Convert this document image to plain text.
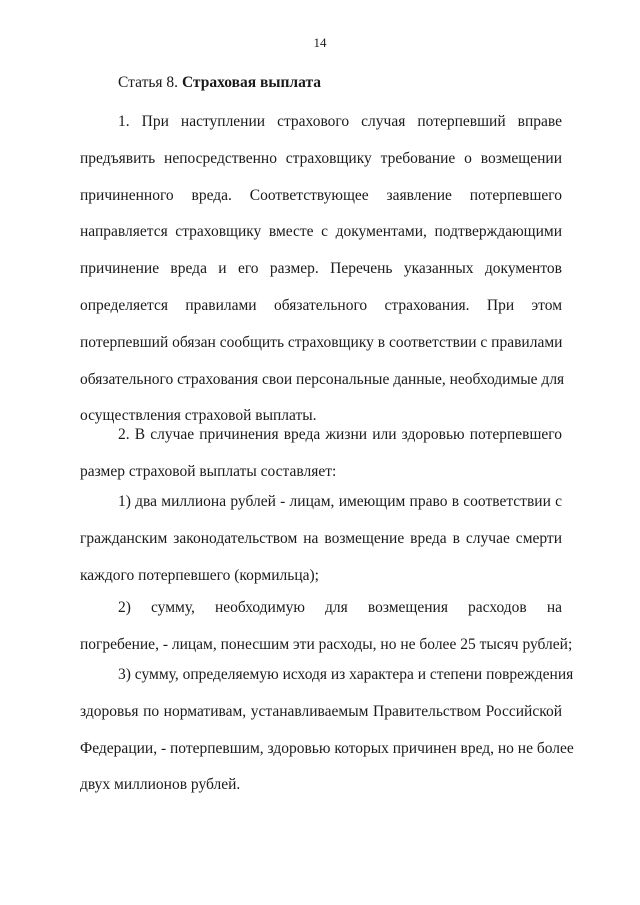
14
Статья 8. Страховая выплата
1. При наступлении страхового случая потерпевший вправе
предъявить непосредственно страховщику требование о возмещении
причиненного вреда. Соответствующее заявление потерпевшего
направляется страховщику вместе с документами, подтверждающими
причинение вреда и его размер. Перечень указанных документов
определяется правилами обязательного страхования. При этом
потерпевший обязан сообщить страховщику в соответствии с правилами
обязательного страхования свои персональные данные, необходимые для
осуществления страховой выплаты.
2. В случае причинения вреда жизни или здоровью потерпевшего
размер страховой выплаты составляет:
1) два миллиона рублей - лицам, имеющим право в соответствии с
гражданским законодательством на возмещение вреда в случае смерти
каждого потерпевшего (кормильца);
2) сумму, необходимую для возмещения расходов на
погребение, - лицам, понесшим эти расходы, но не более 25 тысяч рублей;
3) сумму, определяемую исходя из характера и степени повреждения
здоровья по нормативам, устанавливаемым Правительством Российской
Федерации, - потерпевшим, здоровью которых причинен вред, но не более
двух миллионов рублей.
